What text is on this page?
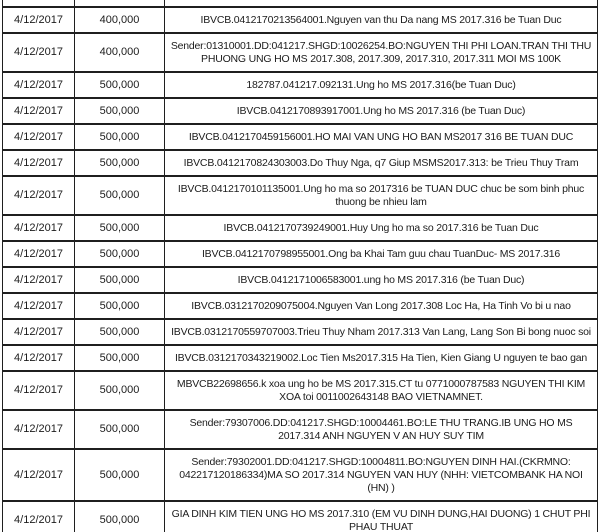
4/12/2017	400,000	IBVCB.0412170213564001.Nguyen van thu Da nang MS 2017.316 be Tuan Duc
4/12/2017	400,000	Sender:01310001.DD:041217.SHGD:10026254.BO:NGUYEN THI PHI LOAN.TRAN THI THU PHUONG UNG HO MS 2017.308, 2017.309, 2017.310, 2017.311 MOI MS 100K
4/12/2017	500,000	182787.041217.092131.Ung ho MS 2017.316(be Tuan Duc)
4/12/2017	500,000	IBVCB.0412170893917001.Ung ho MS 2017.316 (be Tuan Duc)
4/12/2017	500,000	IBVCB.0412170459156001.HO MAI VAN UNG HO BAN MS2017 316 BE TUAN DUC
4/12/2017	500,000	IBVCB.0412170824303003.Do Thuy Nga, q7 Giup MSMS2017.313: be Trieu Thuy Tram
4/12/2017	500,000	IBVCB.0412170101135001.Ung ho ma so 2017316 be TUAN DUC chuc be som binh phuc thuong be nhieu lam
4/12/2017	500,000	IBVCB.0412170739249001.Huy Ung ho ma so 2017.316 be Tuan Duc
4/12/2017	500,000	IBVCB.0412170798955001.Ong ba Khai Tam guu chau TuanDuc- MS 2017.316
4/12/2017	500,000	IBVCB.0412171006583001.ung ho MS 2017.316 (be Tuan Duc)
4/12/2017	500,000	IBVCB.0312170209075004.Nguyen Van Long 2017.308 Loc Ha, Ha Tinh Vo bi u nao
4/12/2017	500,000	IBVCB.0312170559707003.Trieu Thuy Nham 2017.313 Van Lang, Lang Son Bi bong nuoc soi
4/12/2017	500,000	IBVCB.0312170343219002.Loc Tien Ms2017.315 Ha Tien, Kien Giang U nguyen te bao gan
4/12/2017	500,000	MBVCB22698656.k xoa ung ho be MS 2017.315.CT tu 0771000787583 NGUYEN THI KIM XOA toi 0011002643148 BAO VIETNAMNET.
4/12/2017	500,000	Sender:79307006.DD:041217.SHGD:10004461.BO:LE THU TRANG.IB UNG HO MS 2017.314 ANH NGUYEN V AN HUY SUY TIM
4/12/2017	500,000	Sender:79302001.DD:041217.SHGD:10004811.BO:NGUYEN DINH HAI.(CKRMNO: 042217120186334)MA SO 2017.314 NGUYEN VAN HUY (NHH: VIETCOMBANK HA NOI (HN) )
4/12/2017	500,000	GIA DINH KIM TIEN UNG HO MS 2017.310 (EM VU DINH DUNG,HAI DUONG) 1 CHUT PHI PHAU THUAT
